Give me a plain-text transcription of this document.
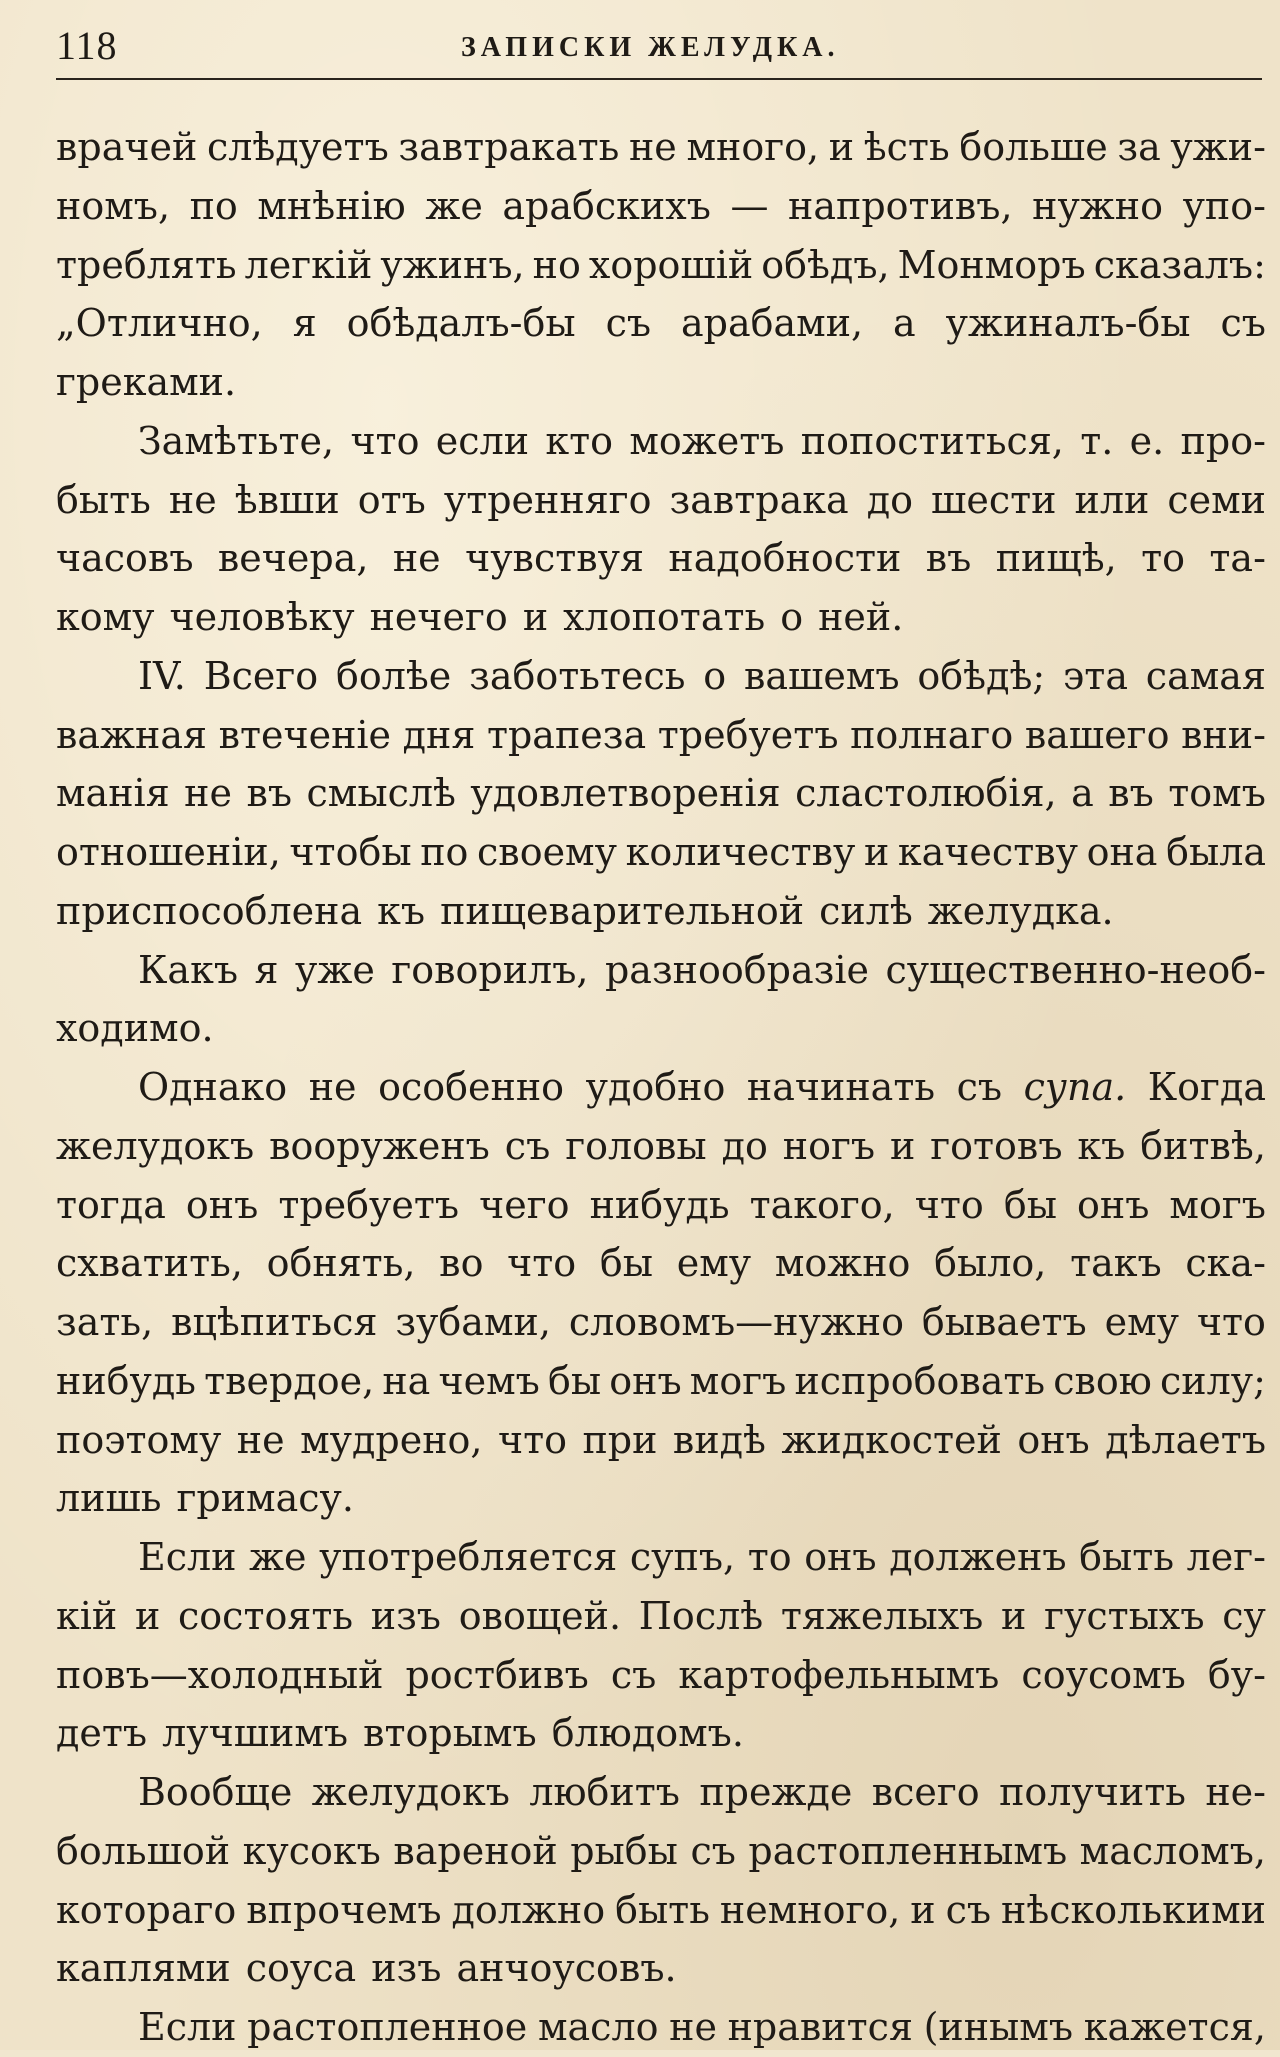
118	ЗАПИСКИ ЖЕЛУДКА.
врачей слѣдуетъ завтракать не много, и ѣсть больше за ужи-
номъ, по мнѣнію же арабскихъ — напротивъ, нужно упо-
треблять легкій ужинъ, но хорошій обѣдъ, Монморъ сказалъ:
„Отлично, я обѣдалъ-бы съ арабами, а ужиналъ-бы съ
греками.
Замѣтьте, что если кто можетъ попоститься, т. е. про-
быть не ѣвши отъ утренняго завтрака до шести или семи
часовъ вечера, не чувствуя надобности въ пищѣ, то та-
кому человѣку нечего и хлопотать о ней.
IV. Всего болѣе заботьтесь о вашемъ обѣдѣ; эта самая
важная втеченіе дня трапеза требуетъ полнаго вашего вни-
манія не въ смыслѣ удовлетворенія сластолюбія, а въ томъ
отношеніи, чтобы по своему количеству и качеству она была
приспособлена къ пищеварительной силѣ желудка.
Какъ я уже говорилъ, разнообразіе существенно-необ-
ходимо.
Однако не особенно удобно начинать съ супа. Когда
желудокъ вооруженъ съ головы до ногъ и готовъ къ битвѣ,
тогда онъ требуетъ чего нибудь такого, что бы онъ могъ
схватить, обнять, во что бы ему можно было, такъ ска-
зать, вцѣпиться зубами, словомъ—нужно бываетъ ему что
нибудь твердое, на чемъ бы онъ могъ испробовать свою силу;
поэтому не мудрено, что при видѣ жидкостей онъ дѣлаетъ
лишь гримасу.
Если же употребляется супъ, то онъ долженъ быть лег-
кій и состоять изъ овощей. Послѣ тяжелыхъ и густыхъ су
повъ—холодный ростбивъ съ картофельнымъ соусомъ бу-
детъ лучшимъ вторымъ блюдомъ.
Вообще желудокъ любитъ прежде всего получить не-
большой кусокъ вареной рыбы съ растопленнымъ масломъ,
котораго впрочемъ должно быть немного, и съ нѣсколькими
каплями соуса изъ анчоусовъ.
Если растопленное масло не нравится (инымъ кажется,
